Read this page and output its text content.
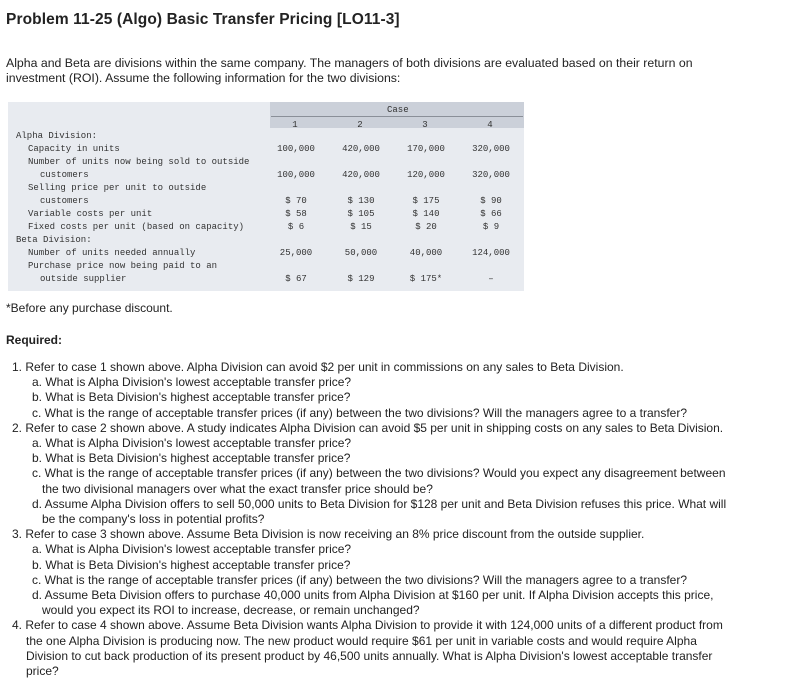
Problem 11-25 (Algo) Basic Transfer Pricing [LO11-3]
Alpha and Beta are divisions within the same company. The managers of both divisions are evaluated based on their return on investment (ROI). Assume the following information for the two divisions:
Case
1	2	3	4
Alpha Division:
Capacity in units	100,000	420,000	170,000	320,000
Number of units now being sold to outside
customers	100,000	420,000	120,000	320,000
Selling price per unit to outside
customers	$ 70	$ 130	$ 175	$ 90
Variable costs per unit	$ 58	$ 105	$ 140	$ 66
Fixed costs per unit (based on capacity)	$ 6	$ 15	$ 20	$ 9
Beta Division:
Number of units needed annually	25,000	50,000	40,000	124,000
Purchase price now being paid to an
outside supplier	$ 67	$ 129	$ 175*	–
*Before any purchase discount.
Required:
1. Refer to case 1 shown above. Alpha Division can avoid $2 per unit in commissions on any sales to Beta Division.
a. What is Alpha Division's lowest acceptable transfer price?
b. What is Beta Division's highest acceptable transfer price?
c. What is the range of acceptable transfer prices (if any) between the two divisions? Will the managers agree to a transfer?
2. Refer to case 2 shown above. A study indicates Alpha Division can avoid $5 per unit in shipping costs on any sales to Beta Division.
a. What is Alpha Division's lowest acceptable transfer price?
b. What is Beta Division's highest acceptable transfer price?
c. What is the range of acceptable transfer prices (if any) between the two divisions? Would you expect any disagreement between
the two divisional managers over what the exact transfer price should be?
d. Assume Alpha Division offers to sell 50,000 units to Beta Division for $128 per unit and Beta Division refuses this price. What will
be the company's loss in potential profits?
3. Refer to case 3 shown above. Assume Beta Division is now receiving an 8% price discount from the outside supplier.
a. What is Alpha Division's lowest acceptable transfer price?
b. What is Beta Division's highest acceptable transfer price?
c. What is the range of acceptable transfer prices (if any) between the two divisions? Will the managers agree to a transfer?
d. Assume Beta Division offers to purchase 40,000 units from Alpha Division at $160 per unit. If Alpha Division accepts this price,
would you expect its ROI to increase, decrease, or remain unchanged?
4. Refer to case 4 shown above. Assume Beta Division wants Alpha Division to provide it with 124,000 units of a different product from
the one Alpha Division is producing now. The new product would require $61 per unit in variable costs and would require Alpha
Division to cut back production of its present product by 46,500 units annually. What is Alpha Division's lowest acceptable transfer
price?
